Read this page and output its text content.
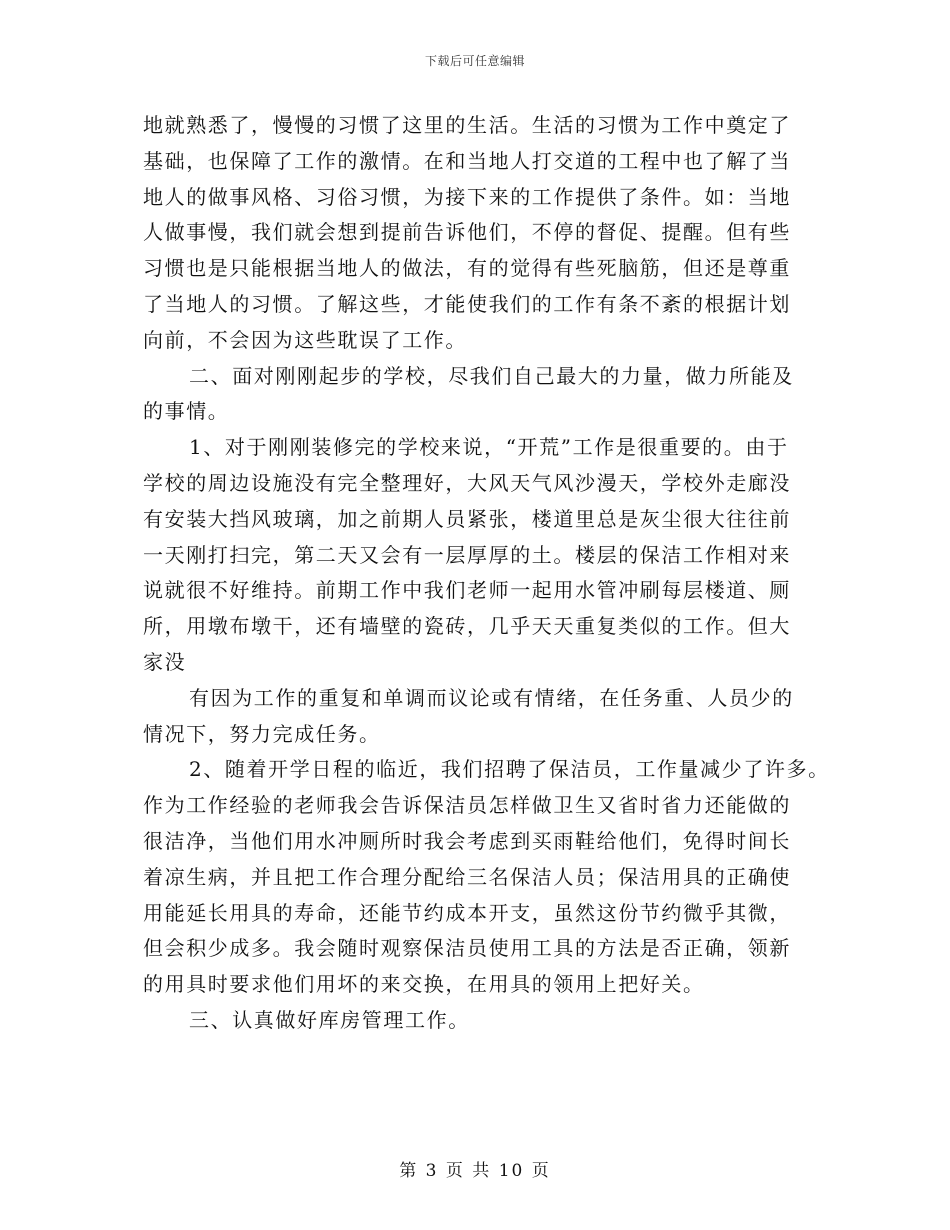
下载后可任意编辑
地就熟悉了，慢慢的习惯了这里的生活。生活的习惯为工作中奠定了
基础，也保障了工作的激情。在和当地人打交道的工程中也了解了当
地人的做事风格、习俗习惯，为接下来的工作提供了条件。如：当地
人做事慢，我们就会想到提前告诉他们，不停的督促、提醒。但有些
习惯也是只能根据当地人的做法，有的觉得有些死脑筋，但还是尊重
了当地人的习惯。了解这些，才能使我们的工作有条不紊的根据计划
向前，不会因为这些耽误了工作。
二、面对刚刚起步的学校，尽我们自己最大的力量，做力所能及
的事情。
1、对于刚刚装修完的学校来说，“开荒”工作是很重要的。由于
学校的周边设施没有完全整理好，大风天气风沙漫天，学校外走廊没
有安装大挡风玻璃，加之前期人员紧张，楼道里总是灰尘很大往往前
一天刚打扫完，第二天又会有一层厚厚的土。楼层的保洁工作相对来
说就很不好维持。前期工作中我们老师一起用水管冲刷每层楼道、厕
所，用墩布墩干，还有墙壁的瓷砖，几乎天天重复类似的工作。但大
家没
有因为工作的重复和单调而议论或有情绪，在任务重、人员少的
情况下，努力完成任务。
2、随着开学日程的临近，我们招聘了保洁员，工作量减少了许多。
作为工作经验的老师我会告诉保洁员怎样做卫生又省时省力还能做的
很洁净，当他们用水冲厕所时我会考虑到买雨鞋给他们，免得时间长
着凉生病，并且把工作合理分配给三名保洁人员；保洁用具的正确使
用能延长用具的寿命，还能节约成本开支，虽然这份节约微乎其微，
但会积少成多。我会随时观察保洁员使用工具的方法是否正确，领新
的用具时要求他们用坏的来交换，在用具的领用上把好关。
三、认真做好库房管理工作。
第 3 页 共 10 页
